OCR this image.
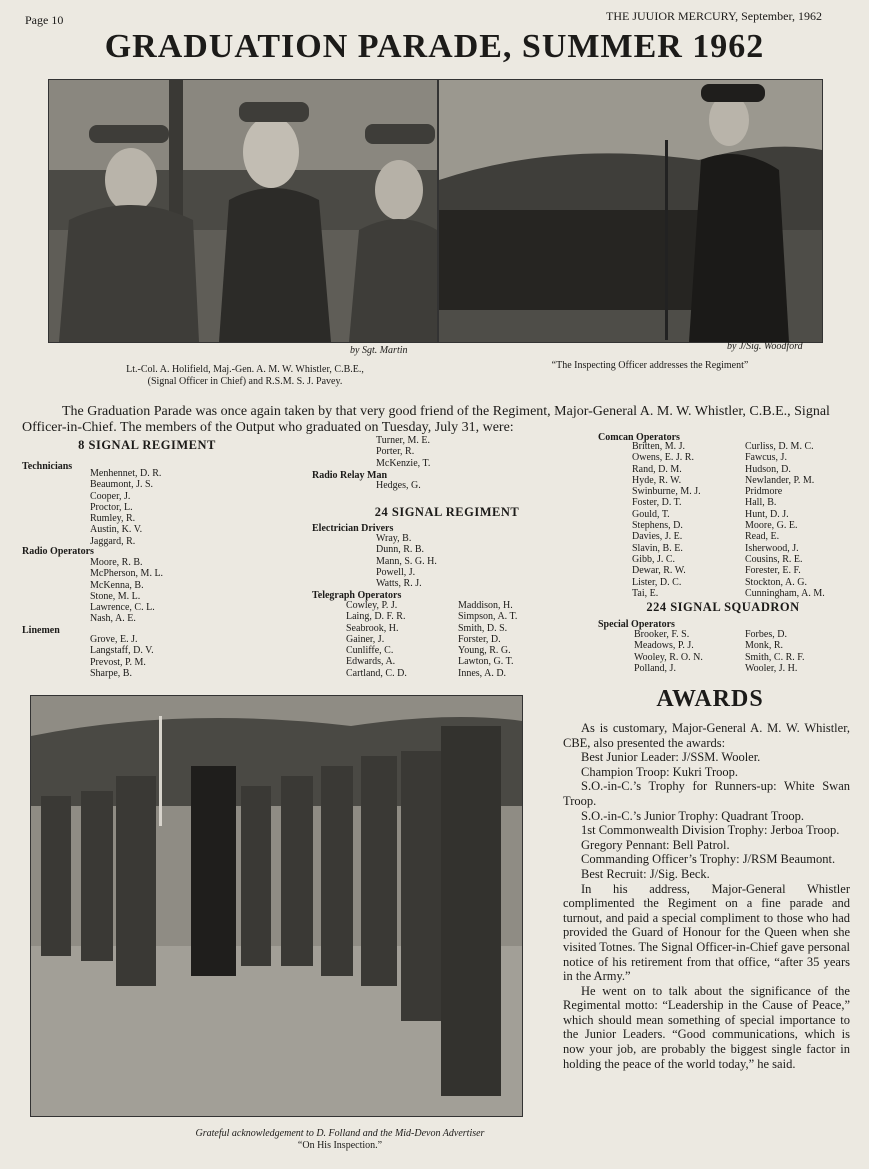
Page 10	THE JUUIOR MERCURY, September, 1962
GRADUATION PARADE, SUMMER 1962
by Sgt. Martin
Lt.-Col. A. Holifield, Maj.-Gen. A. M. W. Whistler, C.B.E.,
(Signal Officer in Chief) and R.S.M. S. J. Pavey.
by J/Sig. Woodford
“The Inspecting Officer addresses the Regiment”
The Graduation Parade was once again taken by that very good friend of the Regiment, Major-General A. M. W. Whistler, C.B.E., Signal Officer-in-Chief. The members of the Output who graduated on Tuesday, July 31, were:
8 SIGNAL REGIMENT
Technicians
Menhennet, D. R.
Beaumont, J. S.
Cooper, J.
Proctor, L.
Rumley, R.
Austin, K. V.
Jaggard, R.
Radio Operators
Moore, R. B.
McPherson, M. L.
McKenna, B.
Stone, M. L.
Lawrence, C. L.
Nash, A. E.
Linemen
Grove, E. J.
Langstaff, D. V.
Prevost, P. M.
Sharpe, B.
Turner, M. E.
Porter, R.
McKenzie, T.
Radio Relay Man
Hedges, G.
24 SIGNAL REGIMENT
Electrician Drivers
Wray, B.
Dunn, R. B.
Mann, S. G. H.
Powell, J.
Watts, R. J.
Telegraph Operators
Cowley, P. J.
Laing, D. F. R.
Seabrook, H.
Gainer, J.
Cunliffe, C.
Edwards, A.
Cartland, C. D.
Maddison, H.
Simpson, A. T.
Smith, D. S.
Forster, D.
Young, R. G.
Lawton, G. T.
Innes, A. D.
Comcan Operators
Britten, M. J.
Owens, E. J. R.
Rand, D. M.
Hyde, R. W.
Swinburne, M. J.
Foster, D. T.
Gould, T.
Stephens, D.
Davies, J. E.
Slavin, B. E.
Gibb, J. C.
Dewar, R. W.
Lister, D. C.
Tai, E.
Curliss, D. M. C.
Fawcus, J.
Hudson, D.
Newlander, P. M.
Pridmore
Hall, B.
Hunt, D. J.
Moore, G. E.
Read, E.
Isherwood, J.
Cousins, R. E.
Forester, E. F.
Stockton, A. G.
Cunningham, A. M.
224 SIGNAL SQUADRON
Special Operators
Brooker, F. S.
Meadows, P. J.
Wooley, R. O. N.
Polland, J.
Forbes, D.
Monk, R.
Smith, C. R. F.
Wooler, J. H.
Grateful acknowledgement to D. Folland and the Mid-Devon Advertiser
“On His Inspection.”
AWARDS

As is customary, Major-General A. M. W. Whistler, CBE, also presented the awards:

Best Junior Leader: J/SSM. Wooler.

Champion Troop: Kukri Troop.

S.O.-in-C.’s Trophy for Runners-up: White Swan Troop.

S.O.-in-C.’s Junior Trophy: Quadrant Troop.

1st Commonwealth Division Trophy: Jerboa Troop.

Gregory Pennant: Bell Patrol.

Commanding Officer’s Trophy: J/RSM Beaumont.

Best Recruit: J/Sig. Beck.

In his address, Major-General Whistler complimented the Regiment on a fine parade and turnout, and paid a special compliment to those who had provided the Guard of Honour for the Queen when she visited Totnes. The Signal Officer-in-Chief gave personal notice of his retirement from that office, “after 35 years in the Army.”

He went on to talk about the significance of the Regimental motto: “Leadership in the Cause of Peace,” which should mean something of special importance to the Junior Leaders. “Good communications, which is now your job, are probably the biggest single factor in holding the peace of the world today,” he said.
